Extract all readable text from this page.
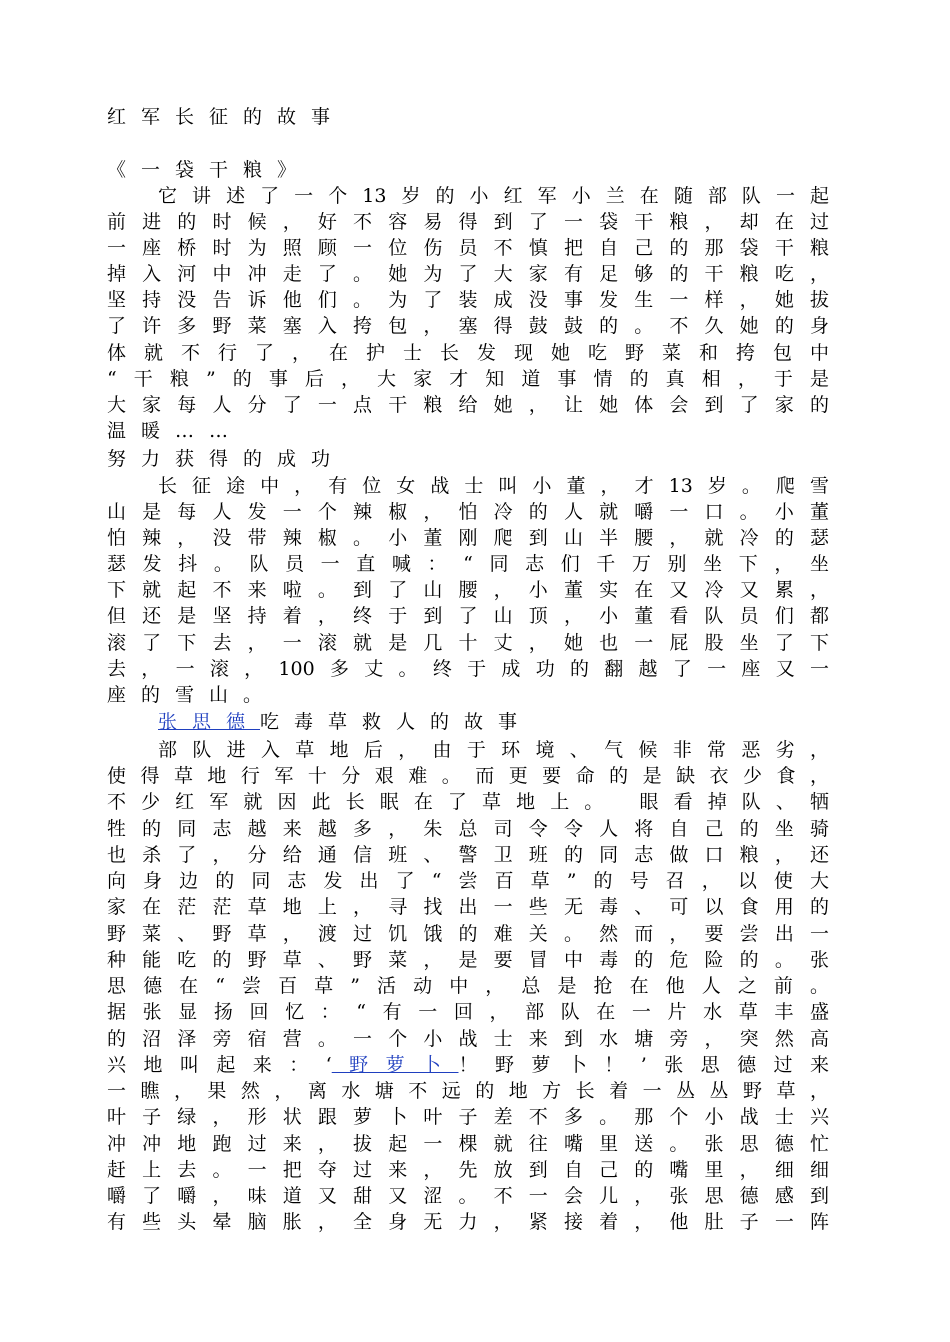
红军长征的故事
《一袋干粮》
它讲述了一个13岁的小红军小兰在随部队一起
前进的时候，好不容易得到了一袋干粮，却在过
一座桥时为照顾一位伤员不慎把自己的那袋干粮
掉入河中冲走了。她为了大家有足够的干粮吃，
坚持没告诉他们。为了装成没事发生一样，她拔
了许多野菜塞入挎包，塞得鼓鼓的。不久她的身
体就不行了，在护士长发现她吃野菜和挎包中
“干粮”的事后，大家才知道事情的真相，于是
大家每人分了一点干粮给她，让她体会到了家的
温暖……
努力获得的成功
长征途中，有位女战士叫小董，才13岁。爬雪
山是每人发一个辣椒，怕冷的人就嚼一口。小董
怕辣，没带辣椒。小董刚爬到山半腰，就冷的瑟
瑟发抖。队员一直喊：“同志们千万别坐下，坐
下就起不来啦。到了山腰，小董实在又冷又累，
但还是坚持着，终于到了山顶，小董看队员们都
滚了下去，一滚就是几十丈，她也一屁股坐了下
去，一滚，100多丈。终于成功的翻越了一座又一
座的雪山。
张思德吃毒草救人的故事
部队进入草地后，由于环境、气候非常恶劣，
使得草地行军十分艰难。而更要命的是缺衣少食，
不少红军就因此长眠在了草地上。 眼看掉队、牺
牲的同志越来越多，朱总司令令人将自己的坐骑
也杀了，分给通信班、警卫班的同志做口粮，还
向身边的同志发出了“尝百草”的号召，以使大
家在茫茫草地上，寻找出一些无毒、可以食用的
野菜、野草，渡过饥饿的难关。然而，要尝出一
种能吃的野草、野菜，是要冒中毒的危险的。张
思德在“尝百草”活动中，总是抢在他人之前。
据张显扬回忆：“有一回，部队在一片水草丰盛
的沼泽旁宿营。一个小战士来到水塘旁，突然高
兴地叫起来：‘野萝卜！野萝卜！’张思德过来
一瞧，果然，离水塘不远的地方长着一丛丛野草，
叶子绿，形状跟萝卜叶子差不多。那个小战士兴
冲冲地跑过来，拔起一棵就往嘴里送。张思德忙
赶上去。一把夺过来，先放到自己的嘴里，细细
嚼了嚼，味道又甜又涩。不一会儿，张思德感到
有些头晕脑胀，全身无力，紧接着，他肚子一阵
